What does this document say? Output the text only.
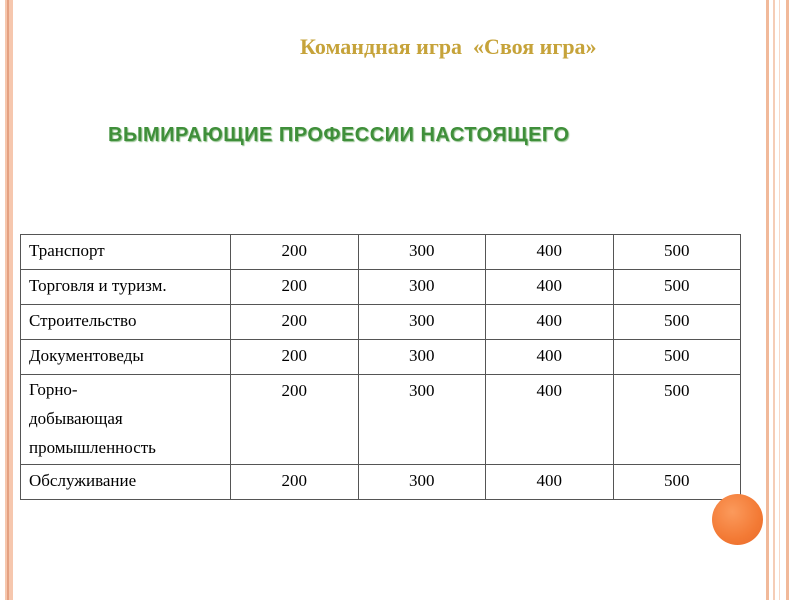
Командная игра  «Своя игра»
ВЫМИРАЮЩИЕ ПРОФЕССИИ НАСТОЯЩЕГО
Транспорт	200	300	400	500
Торговля и туризм.	200	300	400	500
Строительство	200	300	400	500
Документоведы	200	300	400	500
Горно-
добывающая
промышленность	200	300	400	500
Обслуживание	200	300	400	500
